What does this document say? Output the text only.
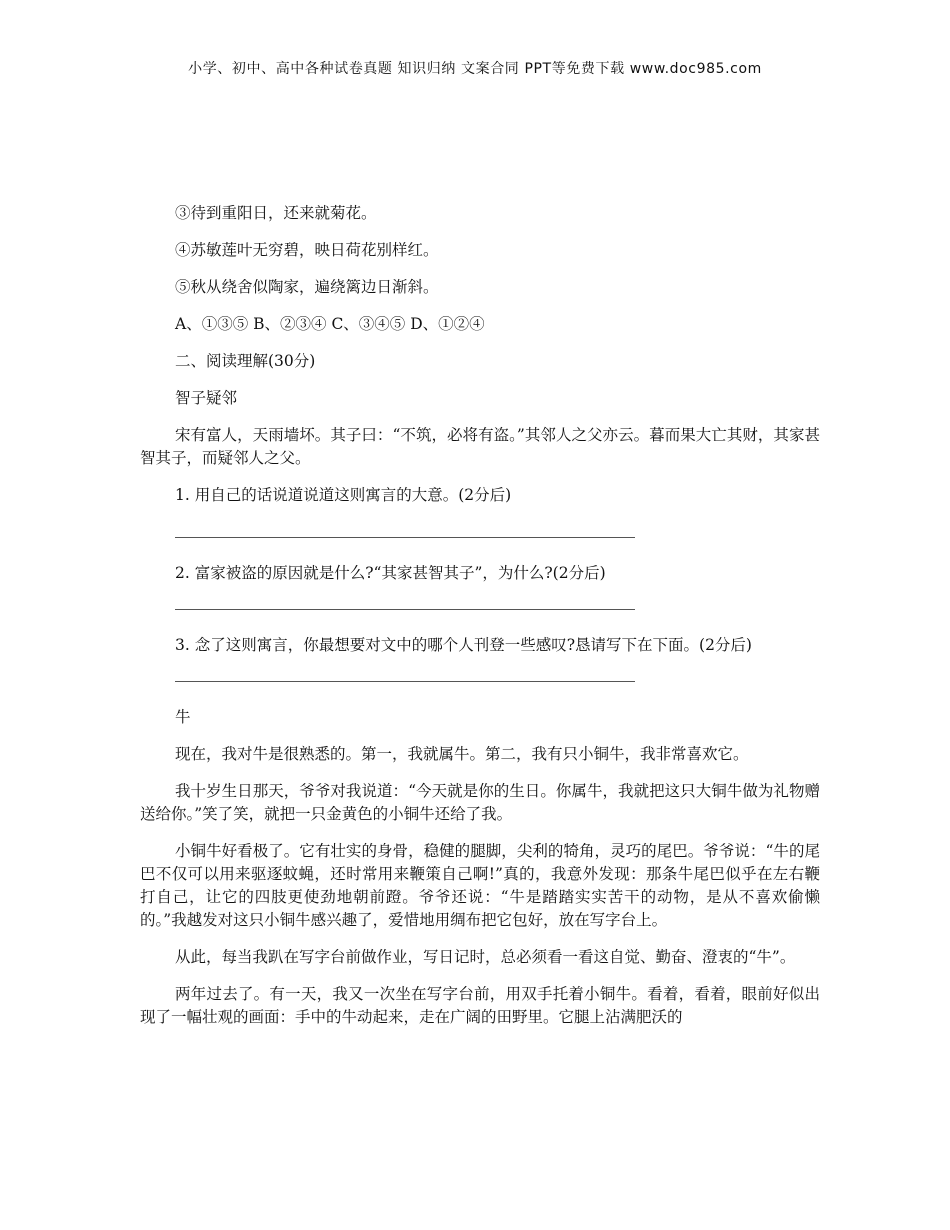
小学、初中、高中各种试卷真题 知识归纳 文案合同 PPT等免费下载 www.doc985.com

③待到重阳日，还来就菊花。

④苏敏莲叶无穷碧，映日荷花别样红。

⑤秋从绕舍似陶家，遍绕篱边日渐斜。

A、①③⑤ B、②③④ C、③④⑤ D、①②④

二、阅读理解(30分)

智子疑邻

宋有富人，天雨墙坏。其子曰：“不筑，必将有盗。”其邻人之父亦云。暮而果大亡其财，其家甚智其子，而疑邻人之父。

1. 用自己的话说道说道这则寓言的大意。(2分后)

2. 富家被盗的原因就是什么?“其家甚智其子”，为什么?(2分后)

3. 念了这则寓言，你最想要对文中的哪个人刊登一些感叹?恳请写下在下面。(2分后)

牛

现在，我对牛是很熟悉的。第一，我就属牛。第二，我有只小铜牛，我非常喜欢它。

我十岁生日那天，爷爷对我说道：“今天就是你的生日。你属牛，我就把这只大铜牛做为礼物赠送给你。”笑了笑，就把一只金黄色的小铜牛还给了我。

小铜牛好看极了。它有壮实的身骨，稳健的腿脚，尖利的犄角，灵巧的尾巴。爷爷说：“牛的尾巴不仅可以用来驱逐蚊蝇，还时常用来鞭策自己啊!”真的，我意外发现：那条牛尾巴似乎在左右鞭打自己，让它的四肢更使劲地朝前蹬。爷爷还说：“牛是踏踏实实苦干的动物，是从不喜欢偷懒的。”我越发对这只小铜牛感兴趣了，爱惜地用绸布把它包好，放在写字台上。

从此，每当我趴在写字台前做作业，写日记时，总必须看一看这自觉、勤奋、澄衷的“牛”。

两年过去了。有一天，我又一次坐在写字台前，用双手托着小铜牛。看着，看着，眼前好似出现了一幅壮观的画面：手中的牛动起来，走在广阔的田野里。它腿上沾满肥沃的
